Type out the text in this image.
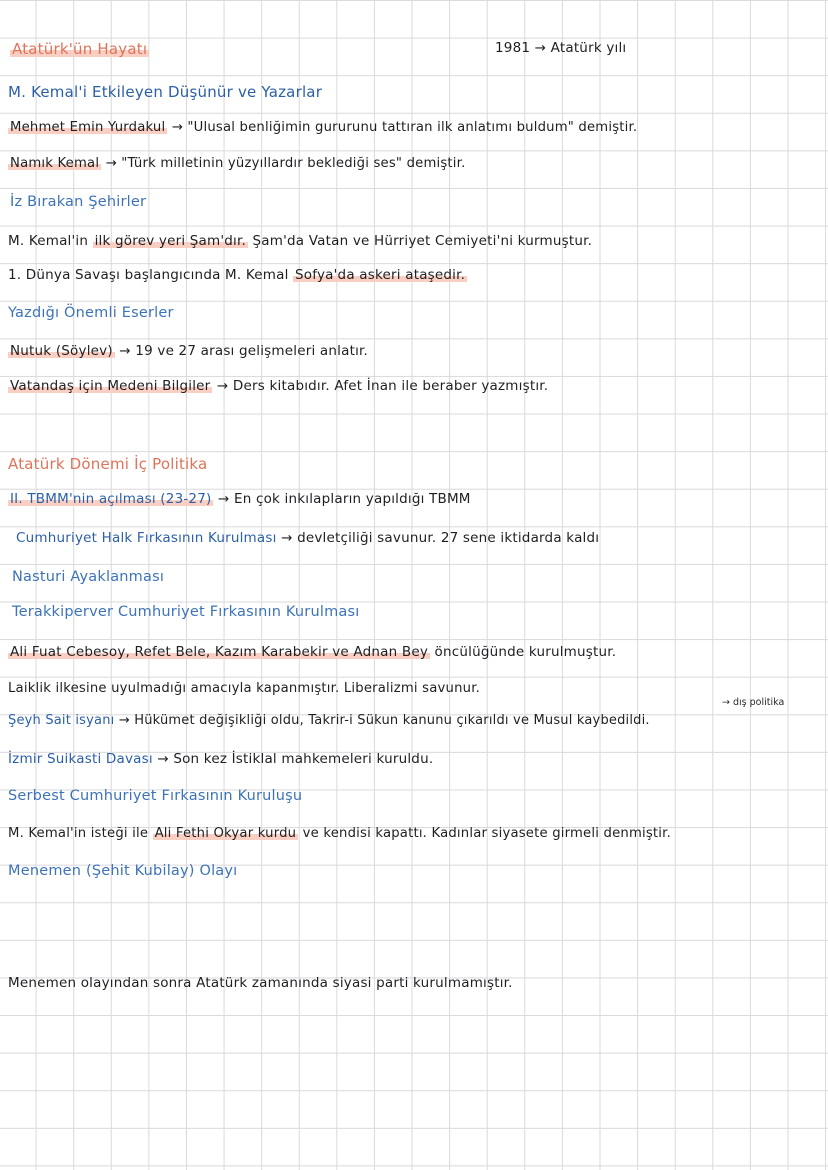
Atatürk'ün Hayatı	1981 → Atatürk yılı
M. Kemal'i Etkileyen Düşünür ve Yazarlar
Mehmet Emin Yurdakul → "Ulusal benliğimin gururunu tattıran ilk anlatımı buldum" demiştir.
Namık Kemal → "Türk milletinin yüzyıllardır beklediği ses" demiştir.
İz Bırakan Şehirler
M. Kemal'in ilk görev yeri Şam'dır. Şam'da Vatan ve Hürriyet Cemiyeti'ni kurmuştur.
1. Dünya Savaşı başlangıcında M. Kemal Sofya'da askeri ataşedir.
Yazdığı Önemli Eserler
Nutuk (Söylev) → 19 ve 27 arası gelişmeleri anlatır.
Vatandaş için Medeni Bilgiler → Ders kitabıdır. Afet İnan ile beraber yazmıştır.
Atatürk Dönemi İç Politika
II. TBMM'nin açılması (23-27) → En çok inkılapların yapıldığı TBMM
Cumhuriyet Halk Fırkasının Kurulması → devletçiliği savunur. 27 sene iktidarda kaldı
Nasturi Ayaklanması
Terakkiperver Cumhuriyet Fırkasının Kurulması
Ali Fuat Cebesoy, Refet Bele, Kazım Karabekir ve Adnan Bey öncülüğünde kurulmuştur.
Laiklik ilkesine uyulmadığı amacıyla kapanmıştır. Liberalizmi savunur.
→ dış politika
Şeyh Sait isyanı → Hükümet değişikliği oldu, Takrir-i Sükun kanunu çıkarıldı ve Musul kaybedildi.
İzmir Suikasti Davası → Son kez İstiklal mahkemeleri kuruldu.
Serbest Cumhuriyet Fırkasının Kuruluşu
M. Kemal'in isteği ile Ali Fethi Okyar kurdu ve kendisi kapattı. Kadınlar siyasete girmeli denmiştir.
Menemen (Şehit Kubilay) Olayı
Menemen olayından sonra Atatürk zamanında siyasi parti kurulmamıştır.
